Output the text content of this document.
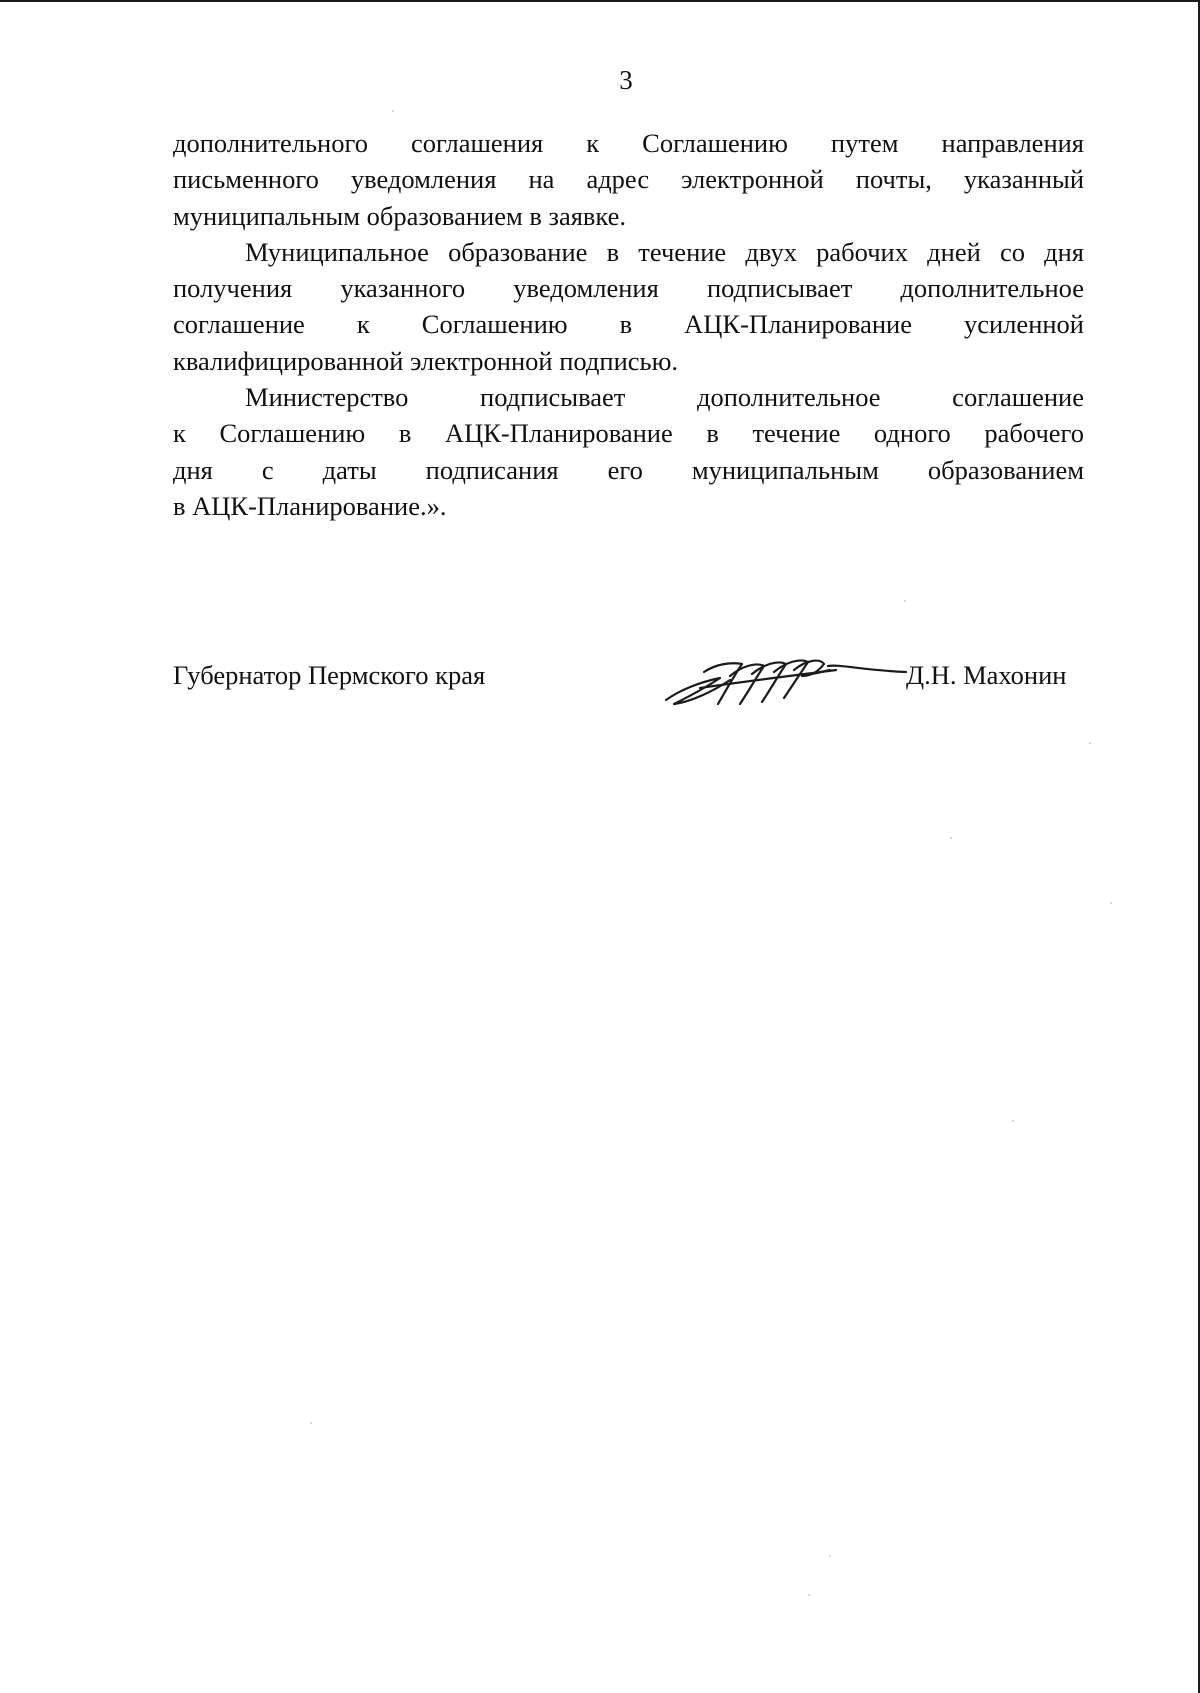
3
дополнительного соглашения к Соглашению путем направления
письменного уведомления на адрес электронной почты, указанный
муниципальным образованием в заявке.
Муниципальное образование в течение двух рабочих дней со дня
получения указанного уведомления подписывает дополнительное
соглашение к Соглашению в АЦК-Планирование усиленной
квалифицированной электронной подписью.
Министерство подписывает дополнительное соглашение
к Соглашению в АЦК-Планирование в течение одного рабочего
дня с даты подписания его муниципальным образованием
в АЦК-Планирование.».
Губернатор Пермского края	Д.Н. Махонин
